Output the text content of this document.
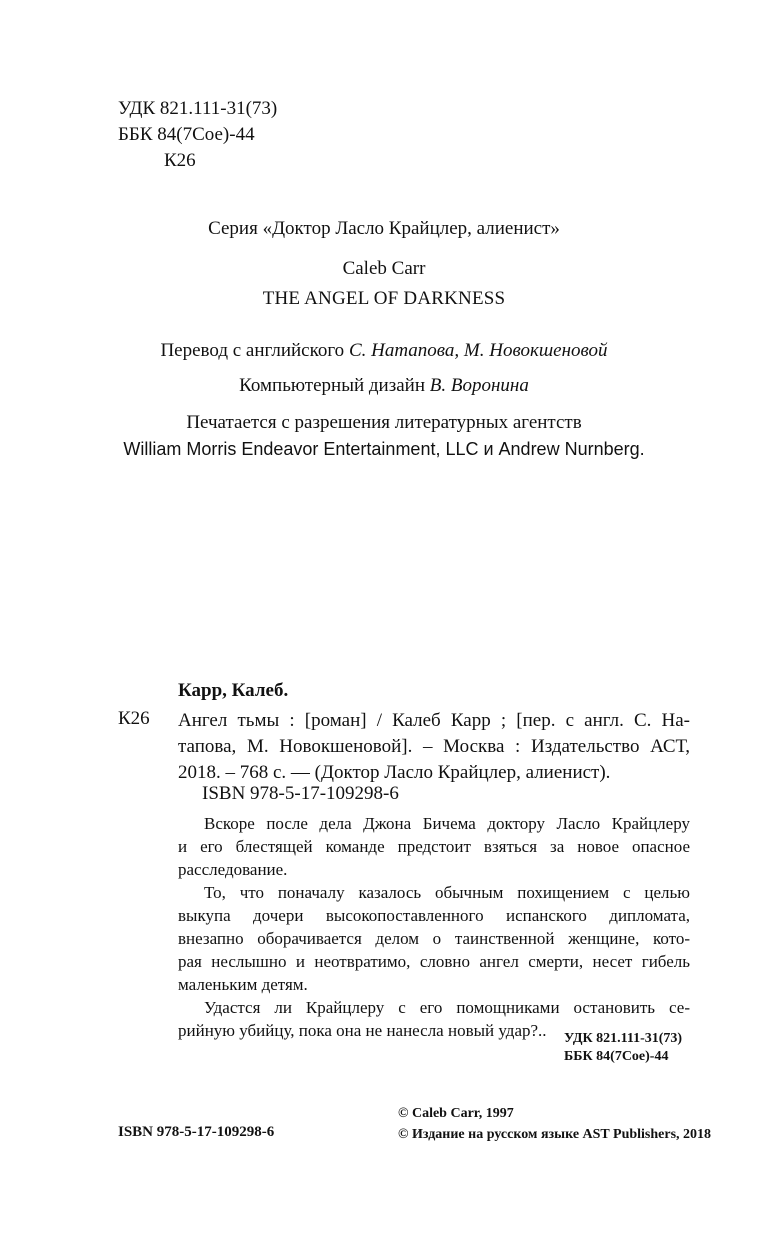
УДК 821.111-31(73)
ББК 84(7Сое)-44
К26
Серия «Доктор Ласло Крайцлер, алиенист»
Caleb Carr
THE ANGEL OF DARKNESS
Перевод с английского С. Натапова, М. Новокшеновой
Компьютерный дизайн В. Воронина
Печатается с разрешения литературных агентств
William Morris Endeavor Entertainment, LLC и Andrew Nurnberg.
Карр, Калеб.
К26 Ангел тьмы : [роман] / Калеб Карр ; [пер. с англ. С. На-
тапова, М. Новокшеновой]. – Москва : Издательство АСТ,
2018. – 768 с. — (Доктор Ласло Крайцлер, алиенист).
ISBN 978-5-17-109298-6
Вскоре после дела Джона Бичема доктору Ласло Крайцлеру
и его блестящей команде предстоит взяться за новое опасное
расследование.
То, что поначалу казалось обычным похищением с целью
выкупа дочери высокопоставленного испанского дипломата,
внезапно оборачивается делом о таинственной женщине, кото-
рая неслышно и неотвратимо, словно ангел смерти, несет гибель
маленьким детям.
Удастся ли Крайцлеру с его помощниками остановить се-
рийную убийцу, пока она не нанесла новый удар?..	УДК 821.111-31(73)
ББК 84(7Сое)-44
© Caleb Carr, 1997
© Издание на русском языке AST Publishers, 2018
ISBN 978-5-17-109298-6
